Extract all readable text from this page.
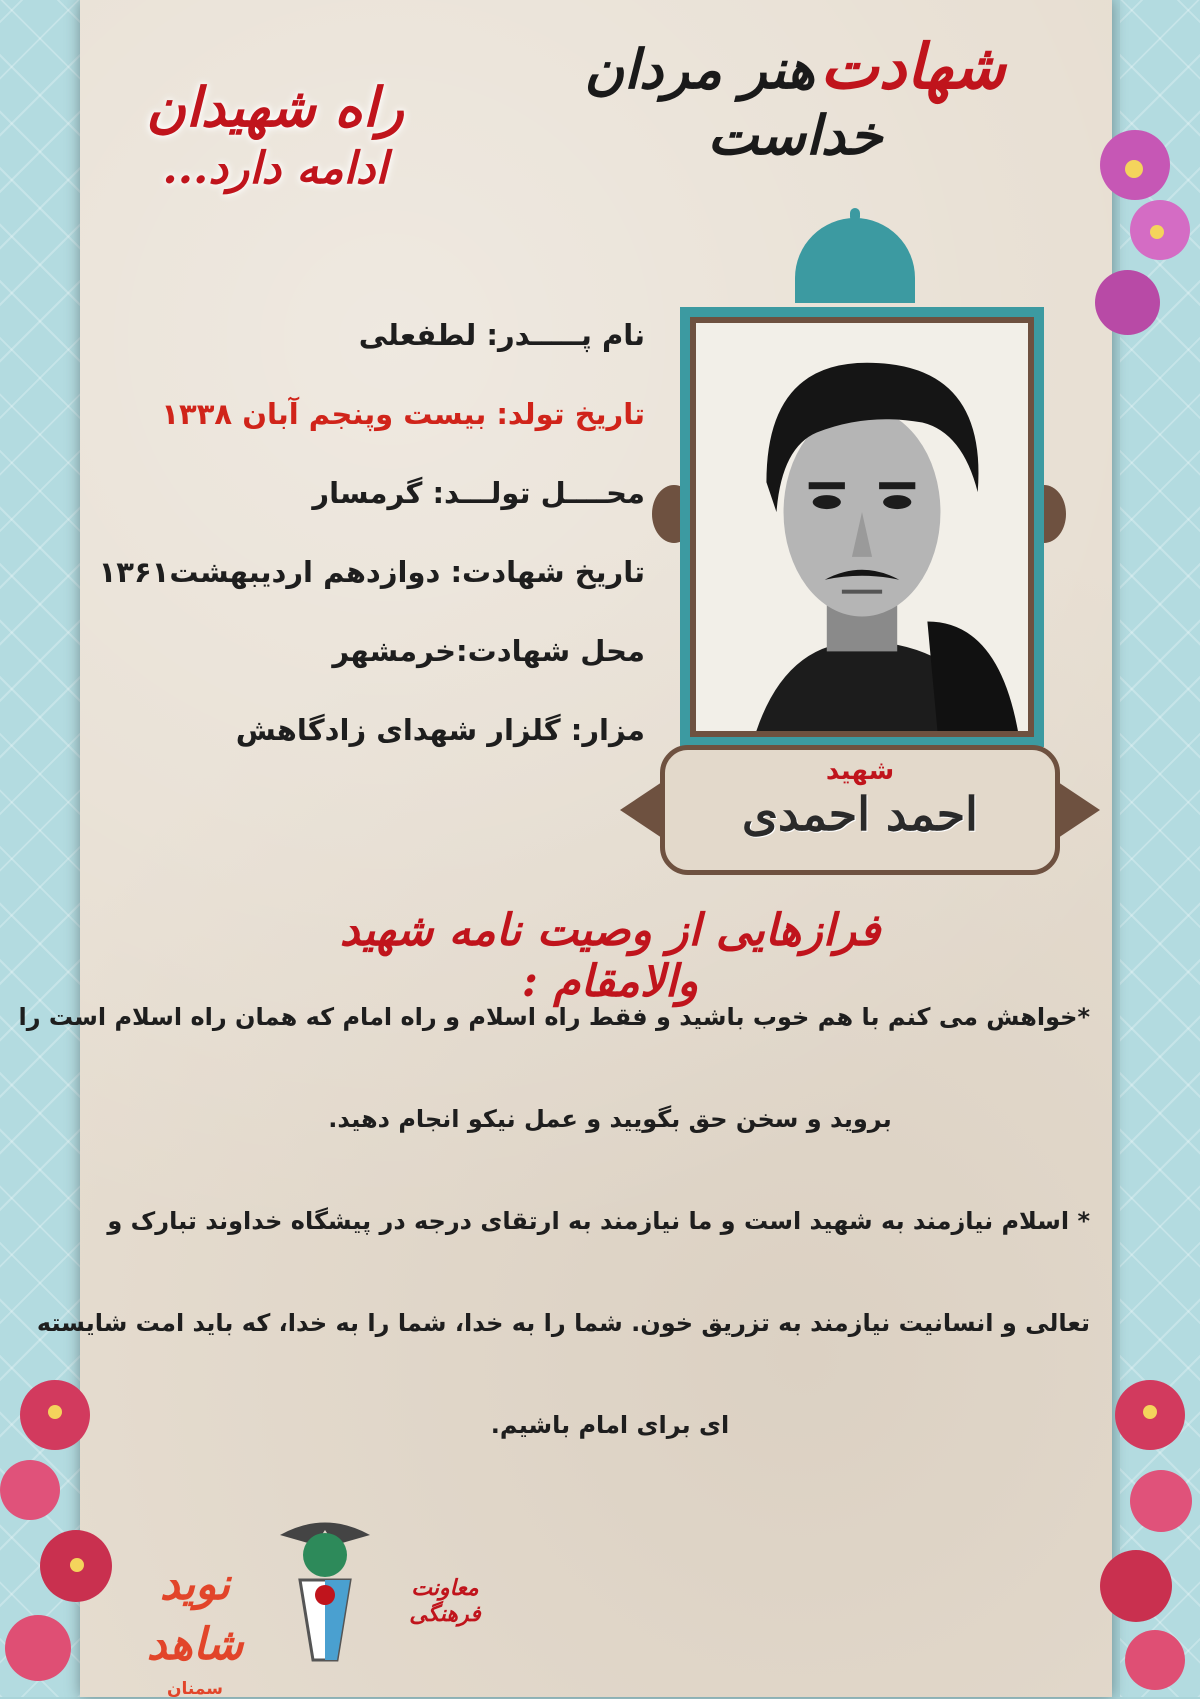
شهادت هنر مردان خداست
راه شهیدان
ادامه دارد...
نام پـــــدر: لطفعلی
تاریخ تولد: بیست وپنجم آبان ۱۳۳۸
محــــل تولـــد: گرمسار
تاریخ شهادت: دوازدهم اردیبهشت۱۳۶۱
محل شهادت:خرمشهر
مزار: گلزار شهدای زادگاهش
شهید
احمد احمدی
فرازهایی از وصیت نامه شهید والامقام :
*خواهش می کنم با هم خوب باشید و فقط راه اسلام و راه امام که همان راه اسلام است را
بروید و سخن حق بگویید و عمل نیکو انجام دهید.
* اسلام نیازمند به شهید است و ما نیازمند به ارتقای درجه در پیشگاه خداوند تبارک و
تعالی و انسانیت نیازمند به تزریق خون. شما را به خدا، شما را به خدا، که باید امت شایسته
ای برای امام باشیم.
معاونت فرهنگی
نوید شاهد
سمنان
